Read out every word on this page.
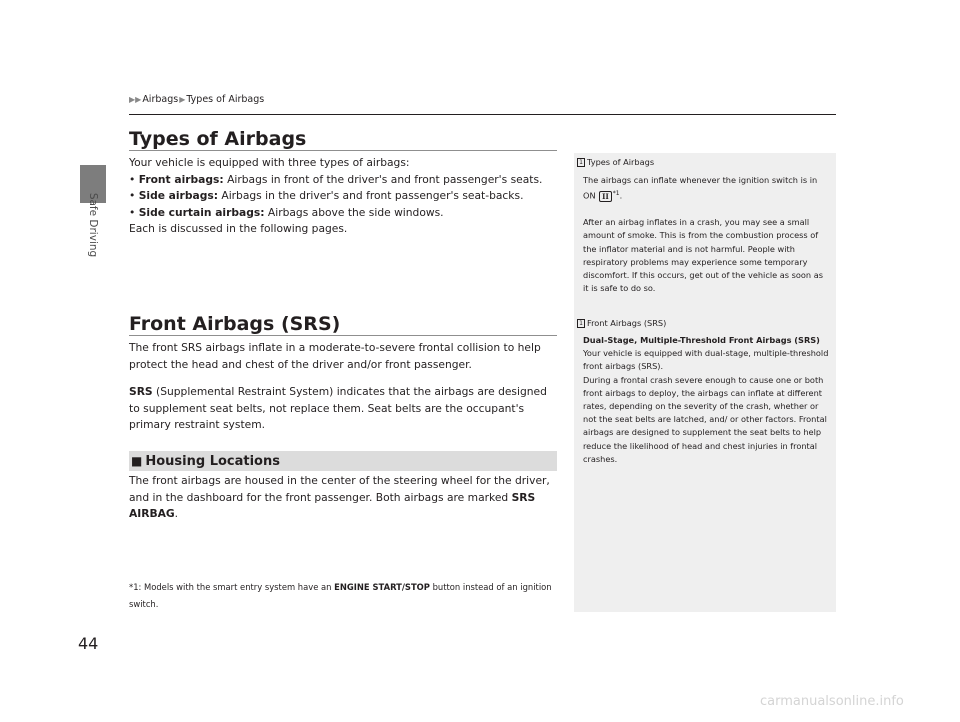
Safe Driving
44
▶▶ Airbags ▶ Types of Airbags
Types of Airbags
Your vehicle is equipped with three types of airbags:
• Front airbags: Airbags in front of the driver's and front passenger's seats.
• Side airbags: Airbags in the driver's and front passenger's seat-backs.
• Side curtain airbags: Airbags above the side windows.
Each is discussed in the following pages.
Front Airbags (SRS)
The front SRS airbags inflate in a moderate-to-severe frontal collision to help protect the head and chest of the driver and/or front passenger.
SRS (Supplemental Restraint System) indicates that the airbags are designed to supplement seat belts, not replace them. Seat belts are the occupant's primary restraint system.
■ Housing Locations
The front airbags are housed in the center of the steering wheel for the driver, and in the dashboard for the front passenger. Both airbags are marked SRS AIRBAG.
*1: Models with the smart entry system have an ENGINE START/STOP button instead of an ignition switch.
1 Types of Airbags

The airbags can inflate whenever the ignition switch is in ON II $^{*1}$.

After an airbag inflates in a crash, you may see a small amount of smoke. This is from the combustion process of the inflator material and is not harmful. People with respiratory problems may experience some temporary discomfort. If this occurs, get out of the vehicle as soon as it is safe to do so.

1 Front Airbags (SRS)
Dual-Stage, Multiple-Threshold Front Airbags (SRS)
Your vehicle is equipped with dual-stage, multiple-threshold front airbags (SRS).
During a frontal crash severe enough to cause one or both front airbags to deploy, the airbags can inflate at different rates, depending on the severity of the crash, whether or not the seat belts are latched, and/ or other factors. Frontal airbags are designed to supplement the seat belts to help reduce the likelihood of head and chest injuries in frontal crashes.
carmanualsonline.info
